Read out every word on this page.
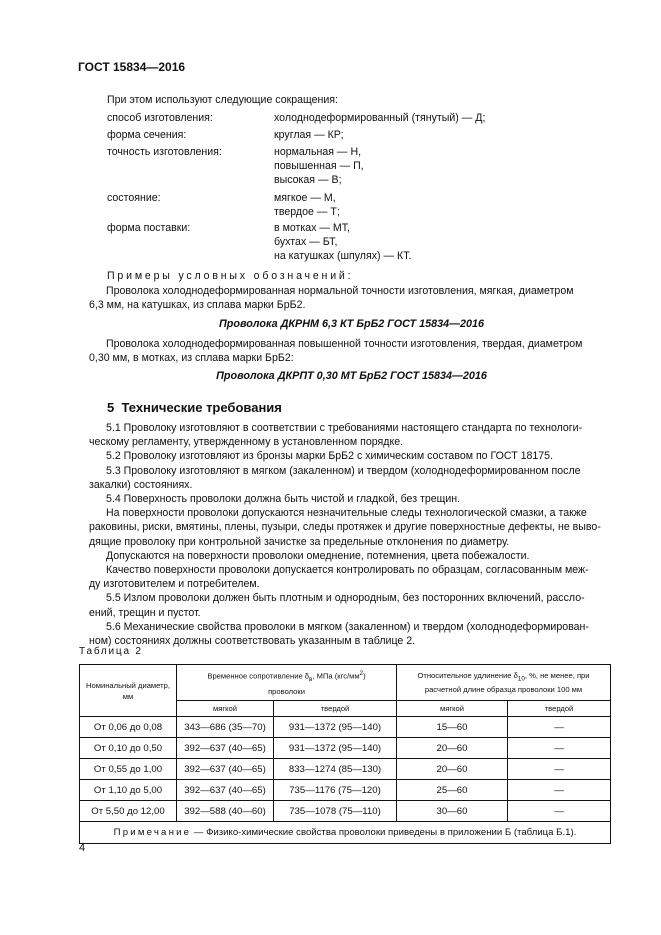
ГОСТ 15834—2016
При этом используют следующие сокращения:
способ изготовления:	холоднодеформированный (тянутый) — Д;
форма сечения:	круглая — КР;
точность изготовления:	нормальная — Н,
повышенная — П,
высокая — В;
состояние:	мягкое — М,
твердое — Т;
форма поставки:	в мотках — МТ,
бухтах — БТ,
на катушках (шпулях) — КТ.
Примеры условных обозначений:
Проволока холоднодеформированная нормальной точности изготовления, мягкая, диаметром
6,3 мм, на катушках, из сплава марки БрБ2.
Проволока ДКРНМ 6,3 КТ БрБ2 ГОСТ 15834—2016
Проволока холоднодеформированная повышенной точности изготовления, твердая, диаметром
0,30 мм, в мотках, из сплава марки БрБ2:
Проволока ДКРПТ 0,30 МТ БрБ2 ГОСТ 15834—2016
5 Технические требования
5.1 Проволоку изготовляют в соответствии с требованиями настоящего стандарта по технологи-
ческому регламенту, утвержденному в установленном порядке.
5.2 Проволоку изготовляют из бронзы марки БрБ2 с химическим составом по ГОСТ 18175.
5.3 Проволоку изготовляют в мягком (закаленном) и твердом (холоднодеформированном после
закалки) состояниях.
5.4 Поверхность проволоки должна быть чистой и гладкой, без трещин.
На поверхности проволоки допускаются незначительные следы технологической смазки, а также
раковины, риски, вмятины, плены, пузыри, следы протяжек и другие поверхностные дефекты, не выво-
дящие проволоку при контрольной зачистке за предельные отклонения по диаметру.
Допускаются на поверхности проволоки омеднение, потемнения, цвета побежалости.
Качество поверхности проволоки допускается контролировать по образцам, согласованным меж-
ду изготовителем и потребителем.
5.5 Излом проволоки должен быть плотным и однородным, без посторонних включений, рассло-
ений, трещин и пустот.
5.6 Механические свойства проволоки в мягком (закаленном) и твердом (холоднодеформирован-
ном) состояниях должны соответствовать указанным в таблице 2.
Таблица 2
Номинальный диаметр, мм	Временное сопротивление $\delta_в$, МПа $(кгс/мм^2)$ проволоки		Относительное удлинение $\delta_{10}$, %, не менее, при расчетной длине образца проволоки 100 мм	
	мягкой	твердой	мягкой	твердой
От 0,06 до 0,08	343—686 (35—70)	931—1372 (95—140)	15—60	—
От 0,10 до 0,50	392—637 (40—65)	931—1372 (95—140)	20—60	—
От 0,55 до 1,00	392—637 (40—65)	833—1274 (85—130)	20—60	—
От 1,10 до 5,00	392—637 (40—65)	735—1176 (75—120)	25—60	—
От 5,50 до 12,00	392—588 (40—60)	735—1078 (75—110)	30—60	—
Примечание — Физико-химические свойства проволоки приведены в приложении Б (таблица Б.1).				
4
